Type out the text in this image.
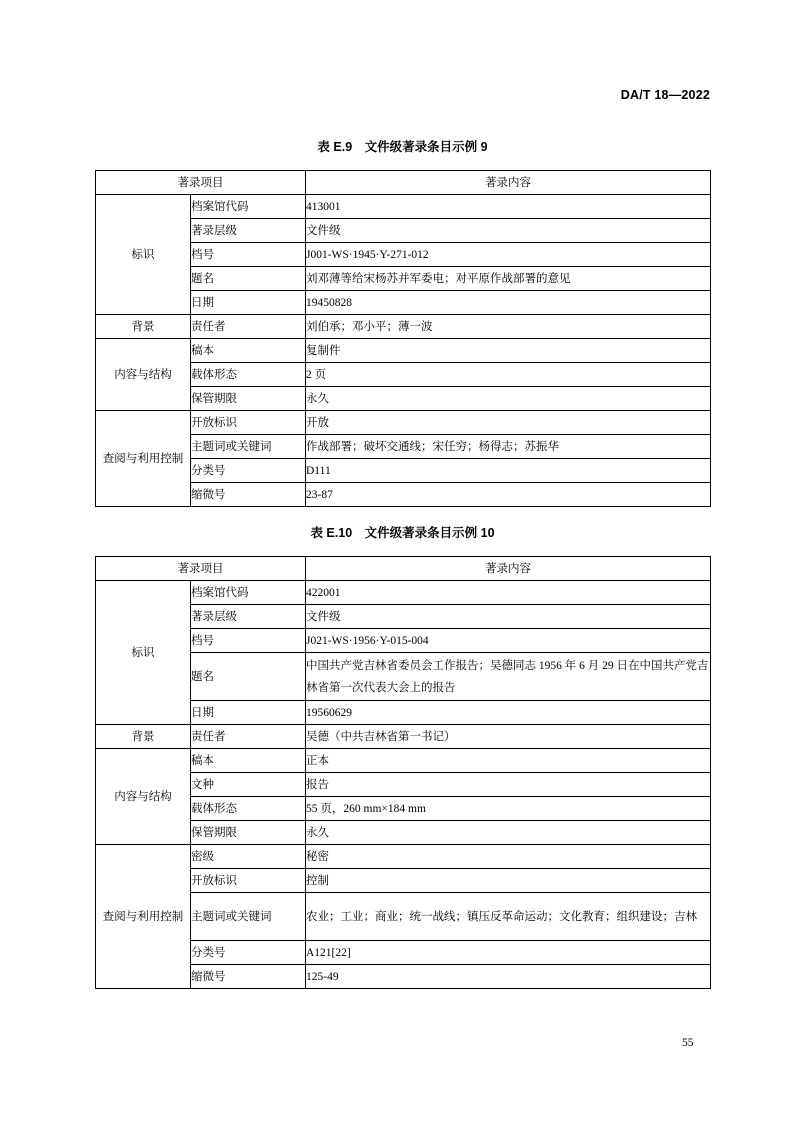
DA/T 18—2022
表 E.9　文件级著录条目示例 9
著录项目		著录内容
标识	档案馆代码	413001
	著录层级	文件级
	档号	J001-WS·1945·Y-271-012
	题名	刘邓薄等给宋杨苏并军委电；对平原作战部署的意见
	日期	19450828
背景	责任者	刘伯承；邓小平；薄一波
内容与结构	稿本	复制件
	载体形态	2 页
	保管期限	永久
查阅与利用控制	开放标识	开放
	主题词或关键词	作战部署；破坏交通线；宋任穷；杨得志；苏振华
	分类号	D111
	缩微号	23-87
表 E.10　文件级著录条目示例 10
著录项目		著录内容
标识	档案馆代码	422001
	著录层级	文件级
	档号	J021-WS·1956·Y-015-004
	题名	中国共产党吉林省委员会工作报告；吴德同志 1956 年 6 月 29 日在中国共产党吉林省第一次代表大会上的报告
	日期	19560629
背景	责任者	吴德（中共吉林省第一书记）
内容与结构	稿本	正本
	文种	报告
	载体形态	55 页，260 mm×184 mm
	保管期限	永久
查阅与利用控制	密级	秘密
	开放标识	控制
	主题词或关键词	农业；工业；商业；统一战线；镇压反革命运动；文化教育；组织建设；吉林
	分类号	A121[22]
	缩微号	125-49
55
